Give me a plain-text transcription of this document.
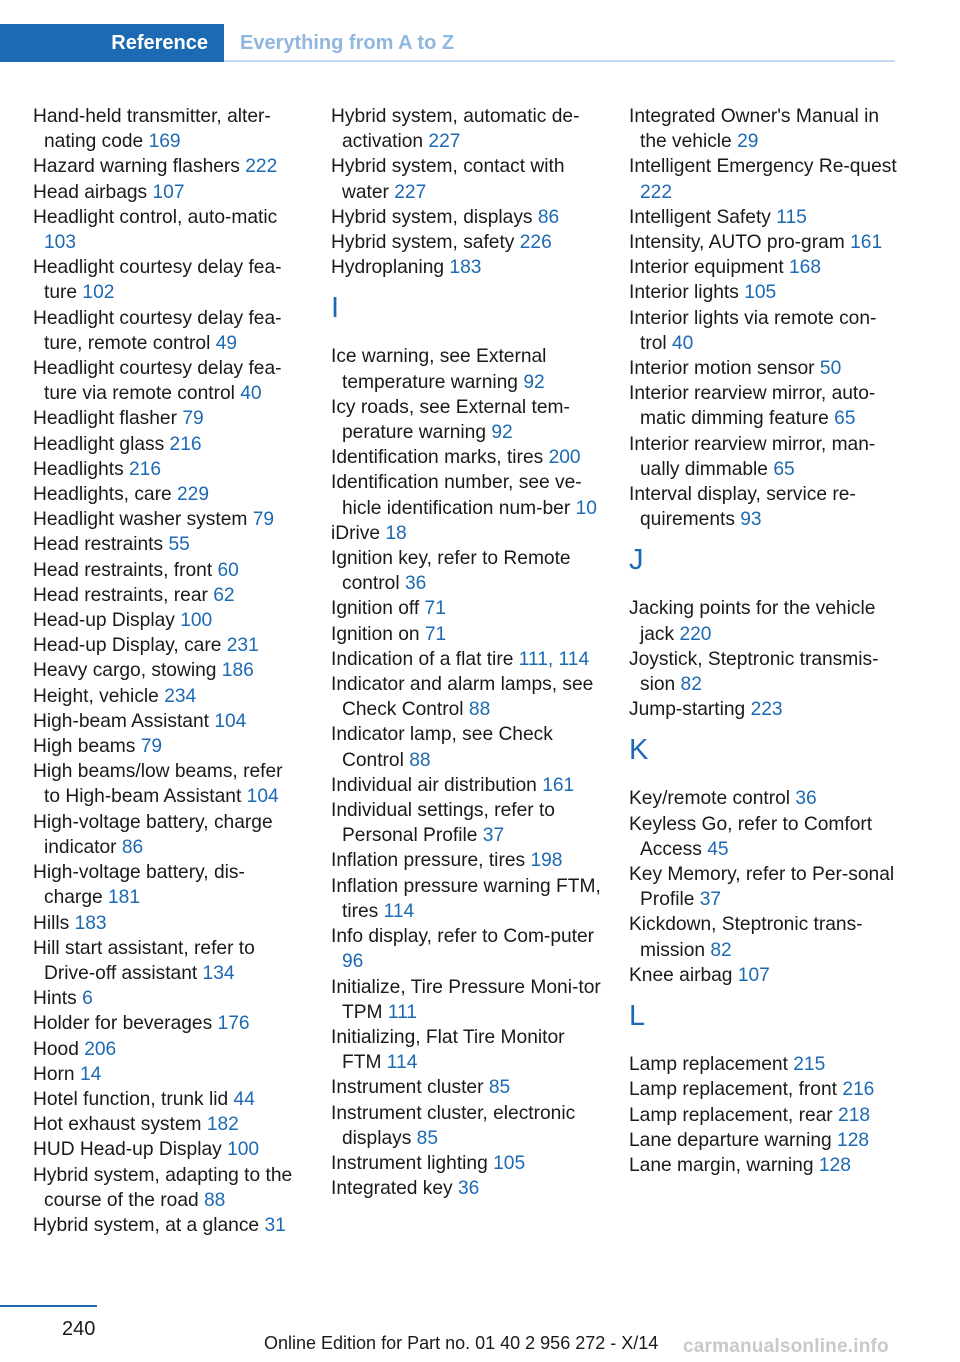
Reference Everything from A to Z
Hand-held transmitter, alter-nating code 169
Hazard warning flashers 222
Head airbags 107
Headlight control, auto-matic 103
Headlight courtesy delay fea-ture 102
Headlight courtesy delay fea-ture, remote control 49
Headlight courtesy delay fea-ture via remote control 40
Headlight flasher 79
Headlight glass 216
Headlights 216
Headlights, care 229
Headlight washer system 79
Head restraints 55
Head restraints, front 60
Head restraints, rear 62
Head-up Display 100
Head-up Display, care 231
Heavy cargo, stowing 186
Height, vehicle 234
High-beam Assistant 104
High beams 79
High beams/low beams, refer to High-beam Assistant 104
High-voltage battery, charge indicator 86
High-voltage battery, dis-charge 181
Hills 183
Hill start assistant, refer to Drive-off assistant 134
Hints 6
Holder for beverages 176
Hood 206
Horn 14
Hotel function, trunk lid 44
Hot exhaust system 182
HUD Head-up Display 100
Hybrid system, adapting to the course of the road 88
Hybrid system, at a glance 31
Hybrid system, automatic de-activation 227
Hybrid system, contact with water 227
Hybrid system, displays 86
Hybrid system, safety 226
Hydroplaning 183
I
Ice warning, see External temperature warning 92
Icy roads, see External tem-perature warning 92
Identification marks, tires 200
Identification number, see ve-hicle identification num-ber 10
iDrive 18
Ignition key, refer to Remote control 36
Ignition off 71
Ignition on 71
Indication of a flat tire 111, 114
Indicator and alarm lamps, see Check Control 88
Indicator lamp, see Check Control 88
Individual air distribution 161
Individual settings, refer to Personal Profile 37
Inflation pressure, tires 198
Inflation pressure warning FTM, tires 114
Info display, refer to Com-puter 96
Initialize, Tire Pressure Moni-tor TPM 111
Initializing, Flat Tire Monitor FTM 114
Instrument cluster 85
Instrument cluster, electronic displays 85
Instrument lighting 105
Integrated key 36
Integrated Owner's Manual in the vehicle 29
Intelligent Emergency Re-quest 222
Intelligent Safety 115
Intensity, AUTO pro-gram 161
Interior equipment 168
Interior lights 105
Interior lights via remote con-trol 40
Interior motion sensor 50
Interior rearview mirror, auto-matic dimming feature 65
Interior rearview mirror, man-ually dimmable 65
Interval display, service re-quirements 93
J
Jacking points for the vehicle jack 220
Joystick, Steptronic transmis-sion 82
Jump-starting 223
K
Key/remote control 36
Keyless Go, refer to Comfort Access 45
Key Memory, refer to Per-sonal Profile 37
Kickdown, Steptronic trans-mission 82
Knee airbag 107
L
Lamp replacement 215
Lamp replacement, front 216
Lamp replacement, rear 218
Lane departure warning 128
Lane margin, warning 128
240
Online Edition for Part no. 01 40 2 956 272 - X/14 carmanualsonline.info
